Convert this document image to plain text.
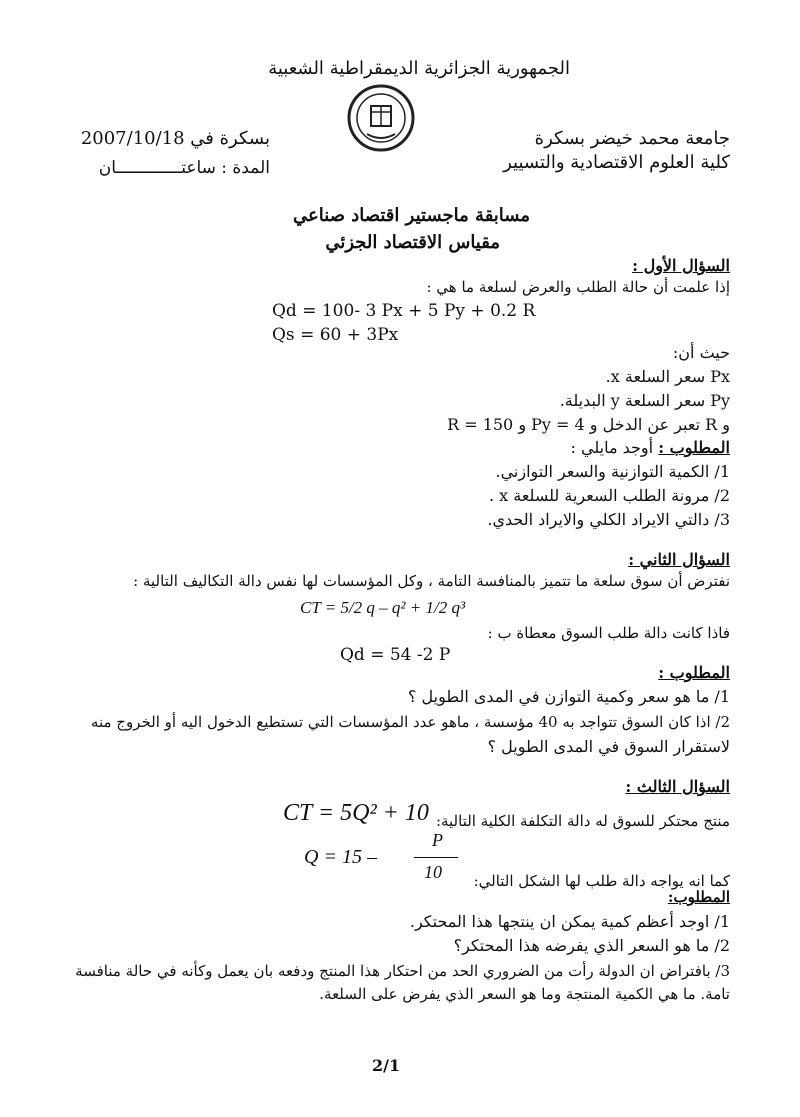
الجمهورية الجزائرية الديمقراطية الشعبية
جامعة محمد خيضر بسكرة
كلية العلوم الاقتصادية والتسيير
بسكرة في 2007/10/18
المدة : ساعتـــــــــــــان
مسابقة ماجستير اقتصاد صناعي
مقياس الاقتصاد الجزئي
السؤال الأول :
إذا علمت أن حالة الطلب والعرض لسلعة ما هي :
Qd = 100- 3 Px + 5 Py + 0.2 R
Qs = 60 + 3Px
حيث أن:
Px سعر السلعة x.
Py سعر السلعة y البديلة.
و R تعبر عن الدخل و Py = 4 و R = 150
المطلوب : أوجد مايلي :
1/ الكمية التوازنية والسعر التوازني.
2/ مرونة الطلب السعرية للسلعة x .
3/ دالتي الايراد الكلي والايراد الحدي.
السؤال الثاني :
نفترض أن سوق سلعة ما تتميز بالمنافسة التامة ، وكل المؤسسات لها نفس دالة التكاليف التالية :
CT = 5/2 q – q² + 1/2 q³
فاذا كانت دالة طلب السوق معطاة ب :
Qd = 54 -2 P
المطلوب :
1/ ما هو سعر وكمية التوازن في المدى الطويل ؟
2/ اذا كان السوق تتواجد به 40 مؤسسة ، ماهو عدد المؤسسات التي تستطيع الدخول اليه أو الخروج منه
لاستقرار السوق في المدى الطويل ؟
السؤال الثالث :
CT = 5Q² + 10 منتج محتكر للسوق له دالة التكلفة الكلية التالية:
Q = 15 –
P
10 كما انه يواجه دالة طلب لها الشكل التالي:
المطلوب:
1/ اوجد أعظم كمية يمكن ان ينتجها هذا المحتكر.
2/ ما هو السعر الذي يفرضه هذا المحتكر؟
3/ بافتراض ان الدولة رأت من الضروري الحد من احتكار هذا المنتج ودفعه بان يعمل وكأنه في حالة منافسة
تامة. ما هي الكمية المنتجة وما هو السعر الذي يفرض على السلعة.
2/1
